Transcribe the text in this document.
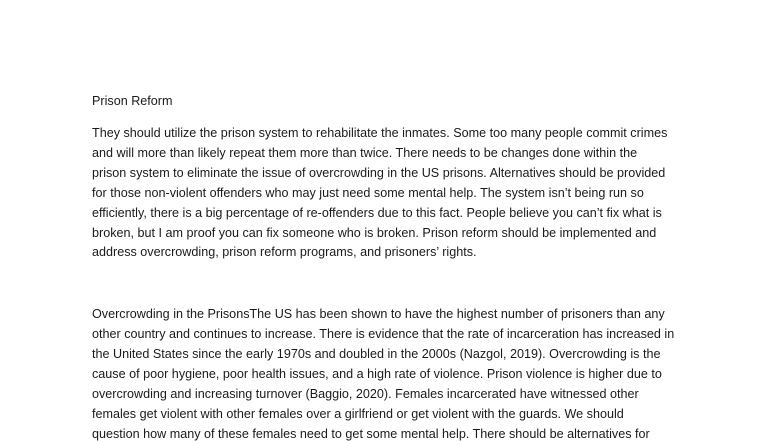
Prison Reform
They should utilize the prison system to rehabilitate the inmates. Some too many people commit crimes
and will more than likely repeat them more than twice. There needs to be changes done within the
prison system to eliminate the issue of overcrowding in the US prisons. Alternatives should be provided
for those non-violent offenders who may just need some mental help. The system isn’t being run so
efficiently, there is a big percentage of re-offenders due to this fact. People believe you can’t fix what is
broken, but I am proof you can fix someone who is broken. Prison reform should be implemented and
address overcrowding, prison reform programs, and prisoners’ rights.
Overcrowding in the PrisonsThe US has been shown to have the highest number of prisoners than any
other country and continues to increase. There is evidence that the rate of incarceration has increased in
the United States since the early 1970s and doubled in the 2000s (Nazgol, 2019). Overcrowding is the
cause of poor hygiene, poor health issues, and a high rate of violence. Prison violence is higher due to
overcrowding and increasing turnover (Baggio, 2020). Females incarcerated have witnessed other
females get violent with other females over a girlfriend or get violent with the guards. We should
question how many of these females need to get some mental help. There should be alternatives for
